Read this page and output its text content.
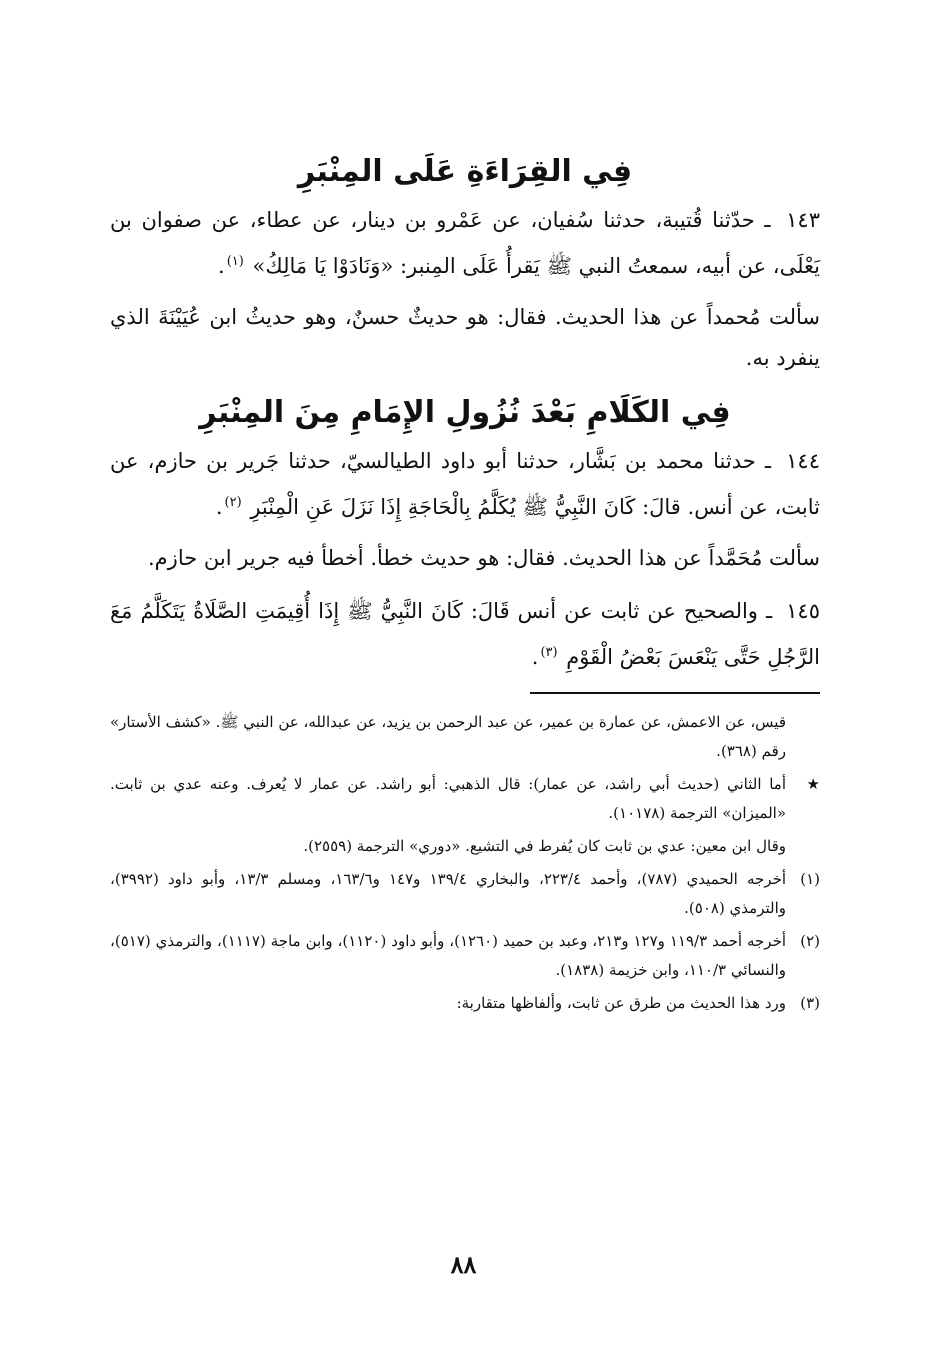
فِي القِرَاءَةِ عَلَى المِنْبَرِ

١٤٣ ـ حدّثنا قُتيبة، حدثنا سُفيان، عن عَمْرو بن دينار، عن عطاء، عن صفوان بن يَعْلَى، عن أبيه، سمعتُ النبي ﷺ يَقرأُ عَلَى المِنبر: «وَنَادَوْا يَا مَالِكُ» $^{(١)}$.

سألت مُحمداً عن هذا الحديث. فقال: هو حديثٌ حسنٌ، وهو حديثُ ابن عُيَيْنَةَ الذي ينفرد به.

فِي الكَلَامِ بَعْدَ نُزُولِ الإِمَامِ مِنَ المِنْبَرِ

١٤٤ ـ حدثنا محمد بن بَشَّار، حدثنا أبو داود الطيالسيّ، حدثنا جَرير بن حازم، عن ثابت، عن أنس. قالَ: كَانَ النَّبِيُّ ﷺ يُكَلَّمُ بِالْحَاجَةِ إِذَا نَزَلَ عَنِ الْمِنْبَرِ $^{(٢)}$.

سألت مُحَمَّداً عن هذا الحديث. فقال: هو حديث خطأ. أخطأ فيه جرير ابن حازم.

١٤٥ ـ والصحيح عن ثابت عن أنس قَالَ: كَانَ النَّبِيُّ ﷺ إِذَا أُقِيمَتِ الصَّلَاةُ يَتَكَلَّمُ مَعَ الرَّجُلِ حَتَّى يَنْعَسَ بَعْضُ الْقَوْمِ $^{(٣)}$.

قيس، عن الاعمش، عن عمارة بن عمير، عن عبد الرحمن بن يزيد، عن عبدالله، عن النبي ﷺ. «كشف الأستار» رقم (٣٦٨).

★
أما الثاني (حديث أبي راشد، عن عمار): قال الذهبي: أبو راشد. عن عمار لا يُعرف. وعنه عدي بن ثابت. «الميزان» الترجمة (١٠١٧٨).

وقال ابن معين: عدي بن ثابت كان يُفرط في التشيع. «دوري» الترجمة (٢٥٥٩).

(١)
أخرجه الحميدي (٧٨٧)، وأحمد ٢٢٣/٤، والبخاري ١٣٩/٤ و١٤٧ و١٦٣/٦، ومسلم ١٣/٣، وأبو داود (٣٩٩٢)، والترمذي (٥٠٨).
(٢)
أخرجه أحمد ١١٩/٣ و١٢٧ و٢١٣، وعبد بن حميد (١٢٦٠)، وأبو داود (١١٢٠)، وابن ماجة (١١١٧)، والترمذي (٥١٧)، والنسائي ١١٠/٣، وابن خزيمة (١٨٣٨).
(٣)
ورد هذا الحديث من طرق عن ثابت، وألفاظها متقاربة:
٨٨
